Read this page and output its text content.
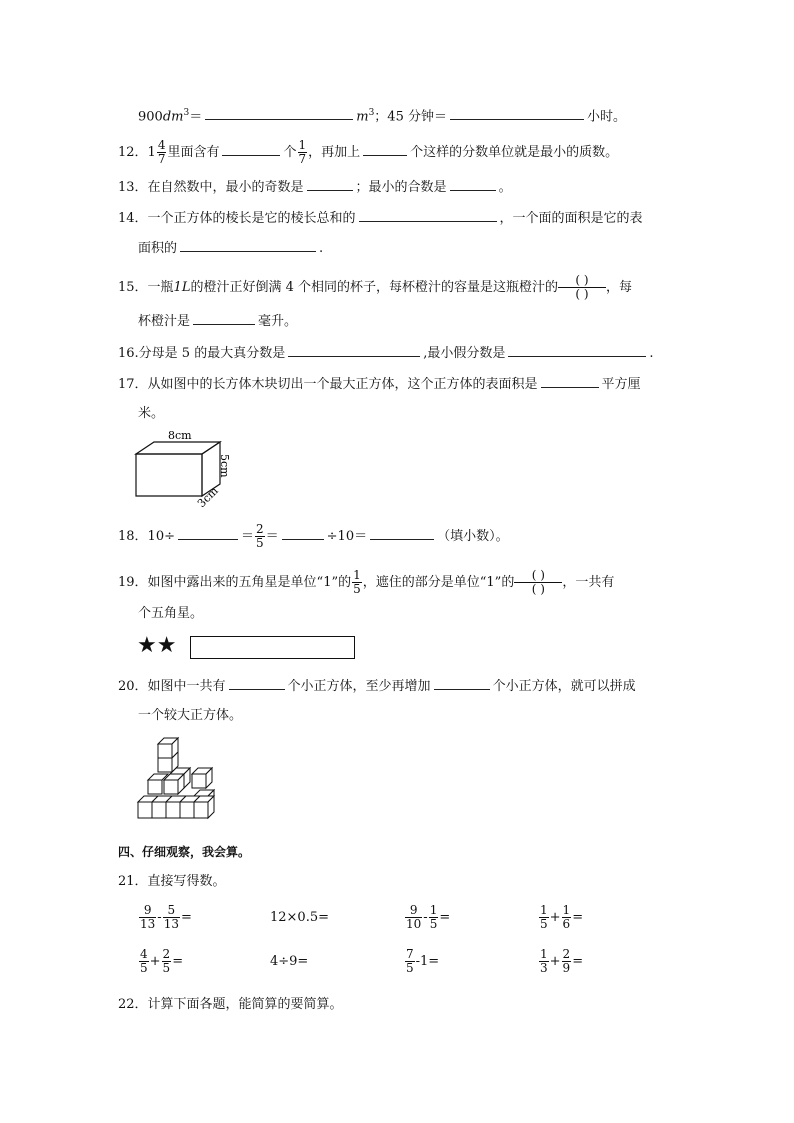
$900dm^3=$	$m^3$；45 分钟＝	小时。
12．$1 \frac{4}{7}$ 里面含有	个 $\frac{1}{7}$ ，再加上	个这样的分数单位就是最小的质数。
13．在自然数中，最小的奇数是	；最小的合数是	。
14．一个正方体的棱长是它的棱长总和的	，一个面的面积是它的表
面积的	.
15．一瓶1L的橙汁正好倒满 4 个相同的杯子，每杯橙汁的容量是这瓶橙汁的	( )
( ) ，每
杯橙汁是	毫升。
16.分母是 5 的最大真分数是	,最小假分数是	.
17．从如图中的长方体木块切出一个最大正方体，这个正方体的表面积是	平方厘
米。
8cm
5cm
3cm
18．10÷	＝ $\frac{2}{5}$ ＝	÷10＝	（填小数）。
19．如图中露出来的五角星是单位“1”的 $\frac{1}{5}$ ，遮住的部分是单位“1”的	( )
( ) ，一共有
个五角星。
★★
20．如图中一共有	个小正方体，至少再增加	个小正方体，就可以拼成
一个较大正方体。
四、仔细观察，我会算。
21．直接写得数。
$\frac{9}{13} - \frac{5}{13}$ =	12×0.5=	$\frac{9}{10} - \frac{1}{5}$ =	$\frac{1}{5} + \frac{1}{6}$ =
$\frac{4}{5} + \frac{2}{5}$ =	4÷9=	$\frac{7}{5} -1=$	$\frac{1}{3} + \frac{2}{9}$ =
22．计算下面各题，能简算的要简算。
